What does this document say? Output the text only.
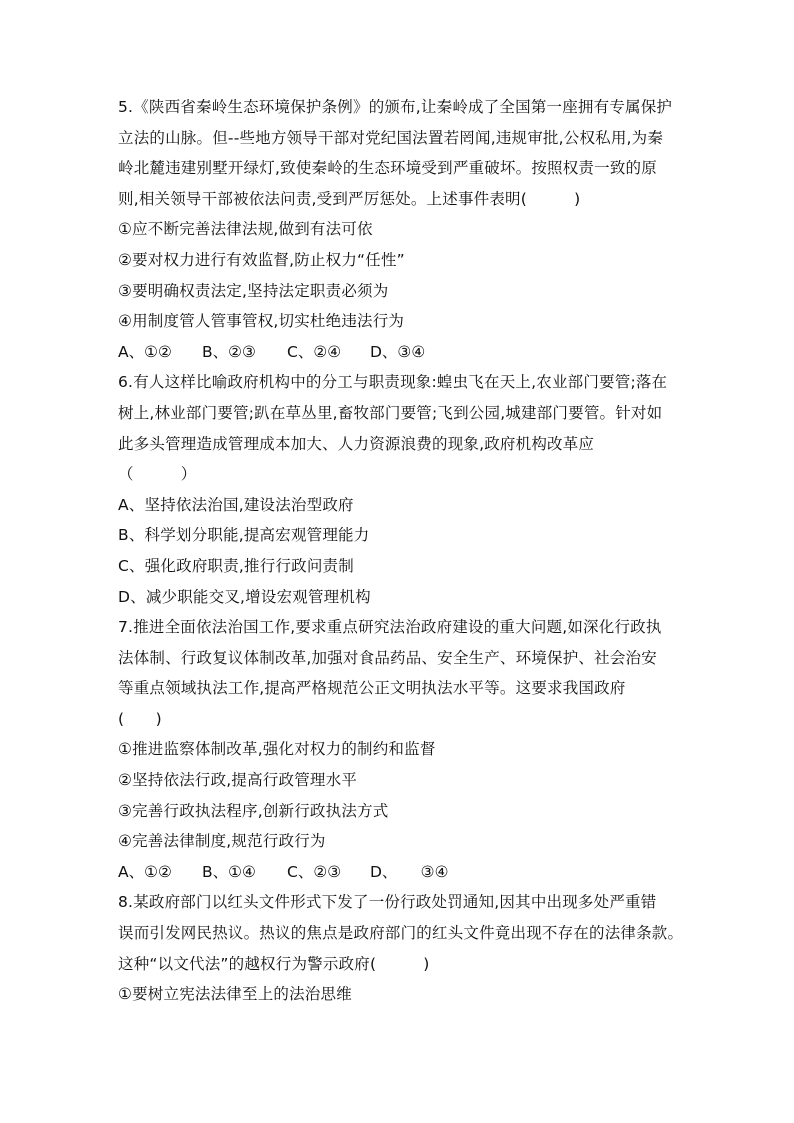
5.《陕西省秦岭生态环境保护条例》的颁布,让秦岭成了全国第一座拥有专属保护
立法的山脉。但--些地方领导干部对党纪国法置若罔闻,违规审批,公权私用,为秦
岭北麓违建别墅开绿灯,致使秦岭的生态环境受到严重破坏。按照权责一致的原
则,相关领导干部被依法问责,受到严厉惩处。上述事件表明(　　　)
①应不断完善法律法规,做到有法可依
②要对权力进行有效监督,防止权力“任性”
③要明确权责法定,坚持法定职责必须为
④用制度管人管事管权,切实杜绝违法行为
A、①②	B、②③	C、②④	D、③④
6.有人这样比喻政府机构中的分工与职责现象:蝗虫飞在天上,农业部门要管;落在
树上,林业部门要管;趴在草丛里,畜牧部门要管;飞到公园,城建部门要管。针对如
此多头管理造成管理成本加大、人力资源浪费的现象,政府机构改革应
（　　　）
A、坚持依法治国,建设法治型政府
B、科学划分职能,提高宏观管理能力
C、强化政府职责,推行行政问责制
D、减少职能交叉,增设宏观管理机构
7.推进全面依法治国工作,要求重点研究法治政府建设的重大问题,如深化行政执
法体制、行政复议体制改革,加强对食品药品、安全生产、环境保护、社会治安
等重点领域执法工作,提高严格规范公正文明执法水平等。这要求我国政府
(　　)
①推进监察体制改革,强化对权力的制约和监督
②坚持依法行政,提高行政管理水平
③完善行政执法程序,创新行政执法方式
④完善法律制度,规范行政行为
A、①②	B、①④	C、②③	D、　　③④
8.某政府部门以红头文件形式下发了一份行政处罚通知,因其中出现多处严重错
误而引发网民热议。热议的焦点是政府部门的红头文件竟出现不存在的法律条款。
这种“以文代法”的越权行为警示政府(　　　)
①要树立宪法法律至上的法治思维
